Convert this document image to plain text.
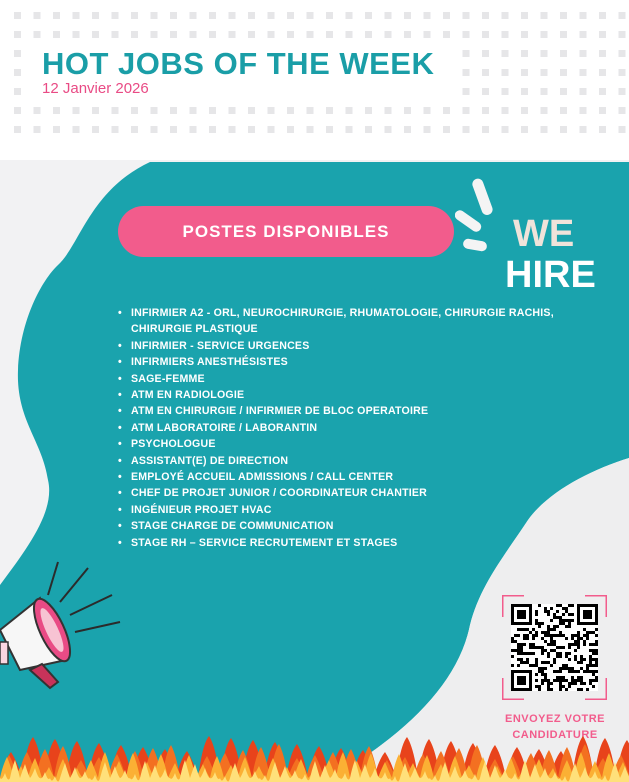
HOT JOBS OF THE WEEK
12 Janvier 2026
POSTES DISPONIBLES	WE
HIRE
• INFIRMIER A2 - ORL, NEUROCHIRURGIE, RHUMATOLOGIE, CHIRURGIE RACHIS, CHIRURGIE PLASTIQUE
• INFIRMIER - SERVICE URGENCES
• INFIRMIERS ANESTHÉSISTES
• SAGE-FEMME
• ATM EN RADIOLOGIE
• ATM EN CHIRURGIE / INFIRMIER DE BLOC OPERATOIRE
• ATM LABORATOIRE / LABORANTIN
• PSYCHOLOGUE
• ASSISTANT(E) DE DIRECTION
• EMPLOYÉ ACCUEIL ADMISSIONS / CALL CENTER
• CHEF DE PROJET JUNIOR / COORDINATEUR CHANTIER
• INGÉNIEUR PROJET HVAC
• STAGE CHARGE DE COMMUNICATION
• STAGE RH – SERVICE RECRUTEMENT ET STAGES
ENVOYEZ VOTRE
CANDIDATURE
